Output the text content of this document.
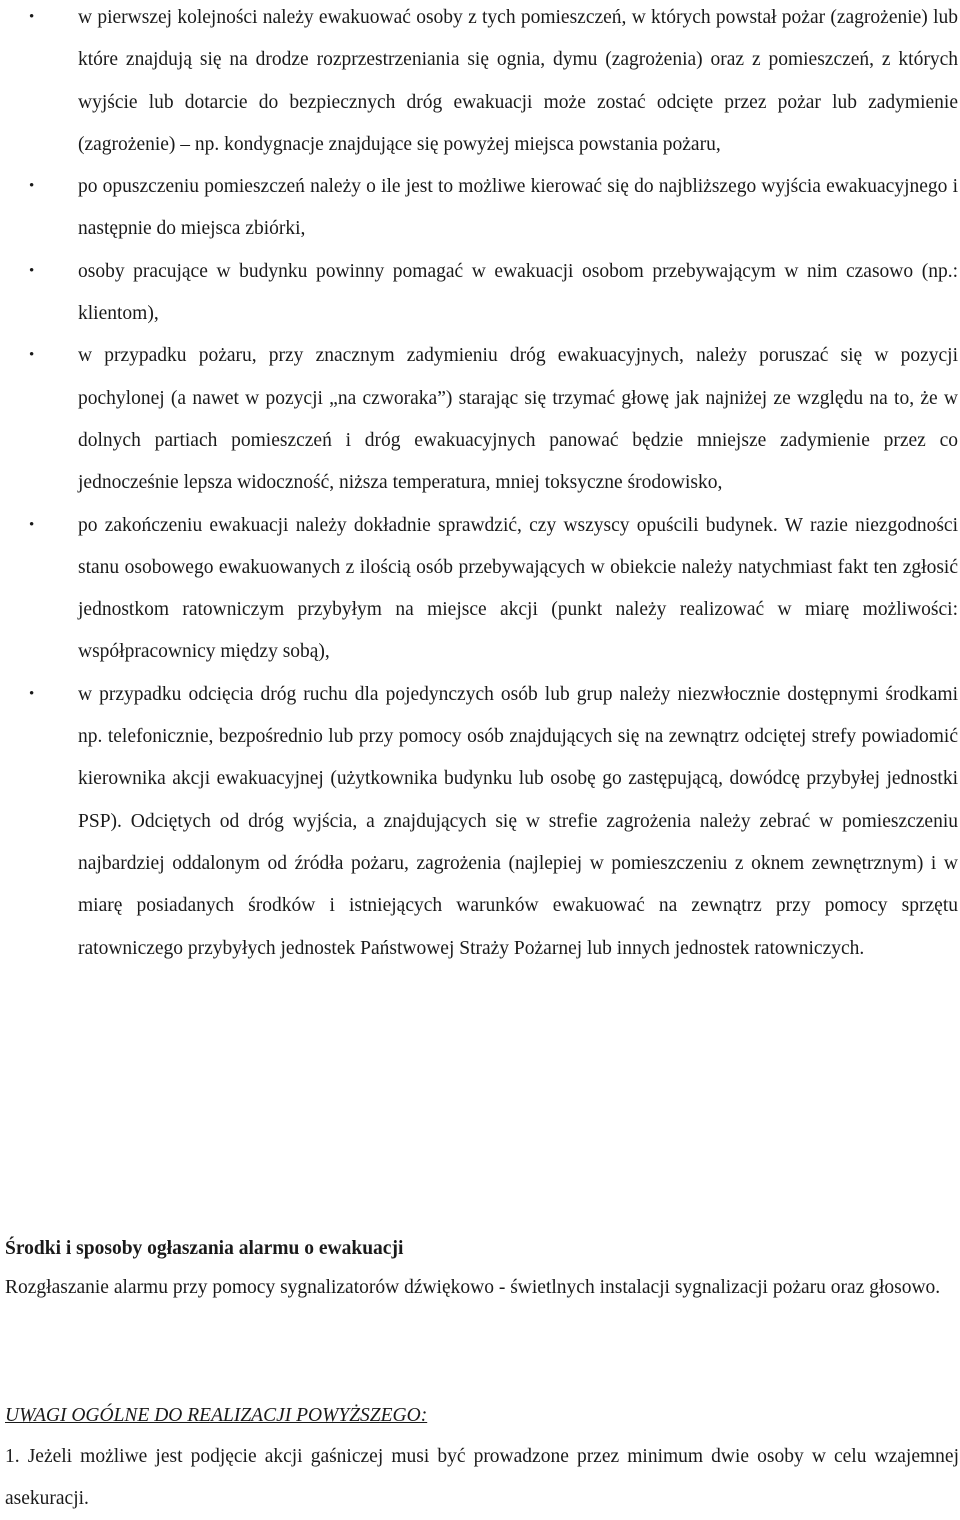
• w pierwszej kolejności należy ewakuować osoby z tych pomieszczeń, w których powstał pożar (zagrożenie) lub które znajdują się na drodze rozprzestrzeniania się ognia, dymu (zagrożenia) oraz z pomieszczeń, z których wyjście lub dotarcie do bezpiecznych dróg ewakuacji może zostać odcięte przez pożar lub zadymienie (zagrożenie) – np. kondygnacje znajdujące się powyżej miejsca powstania pożaru,
• po opuszczeniu pomieszczeń należy o ile jest to możliwe kierować się do najbliższego wyjścia ewakuacyjnego i następnie do miejsca zbiórki,
• osoby pracujące w budynku powinny pomagać w ewakuacji osobom przebywającym w nim czasowo (np.: klientom),
• w przypadku pożaru, przy znacznym zadymieniu dróg ewakuacyjnych, należy poruszać się w pozycji pochylonej (a nawet w pozycji „na czworaka”) starając się trzymać głowę jak najniżej ze względu na to, że w dolnych partiach pomieszczeń i dróg ewakuacyjnych panować będzie mniejsze zadymienie przez co jednocześnie lepsza widoczność, niższa temperatura, mniej toksyczne środowisko,
• po zakończeniu ewakuacji należy dokładnie sprawdzić, czy wszyscy opuścili budynek. W razie niezgodności stanu osobowego ewakuowanych z ilością osób przebywających w obiekcie należy natychmiast fakt ten zgłosić jednostkom ratowniczym przybyłym na miejsce akcji (punkt należy realizować w miarę możliwości: współpracownicy między sobą),
• w przypadku odcięcia dróg ruchu dla pojedynczych osób lub grup należy niezwłocznie dostępnymi środkami np. telefonicznie, bezpośrednio lub przy pomocy osób znajdujących się na zewnątrz odciętej strefy powiadomić kierownika akcji ewakuacyjnej (użytkownika budynku lub osobę go zastępującą, dowódcę przybyłej jednostki PSP). Odciętych od dróg wyjścia, a znajdujących się w strefie zagrożenia należy zebrać w pomieszczeniu najbardziej oddalonym od źródła pożaru, zagrożenia (najlepiej w pomieszczeniu z oknem zewnętrznym) i w miarę posiadanych środków i istniejących warunków ewakuować na zewnątrz przy pomocy sprzętu ratowniczego przybyłych jednostek Państwowej Straży Pożarnej lub innych jednostek ratowniczych.
Środki i sposoby ogłaszania alarmu o ewakuacji

Rozgłaszanie alarmu przy pomocy sygnalizatorów dźwiękowo - świetlnych instalacji sygnalizacji pożaru oraz głosowo.

UWAGI OGÓLNE DO REALIZACJI POWYŻSZEGO:

1. Jeżeli możliwe jest podjęcie akcji gaśniczej musi być prowadzone przez minimum dwie osoby w celu wzajemnej asekuracji.
